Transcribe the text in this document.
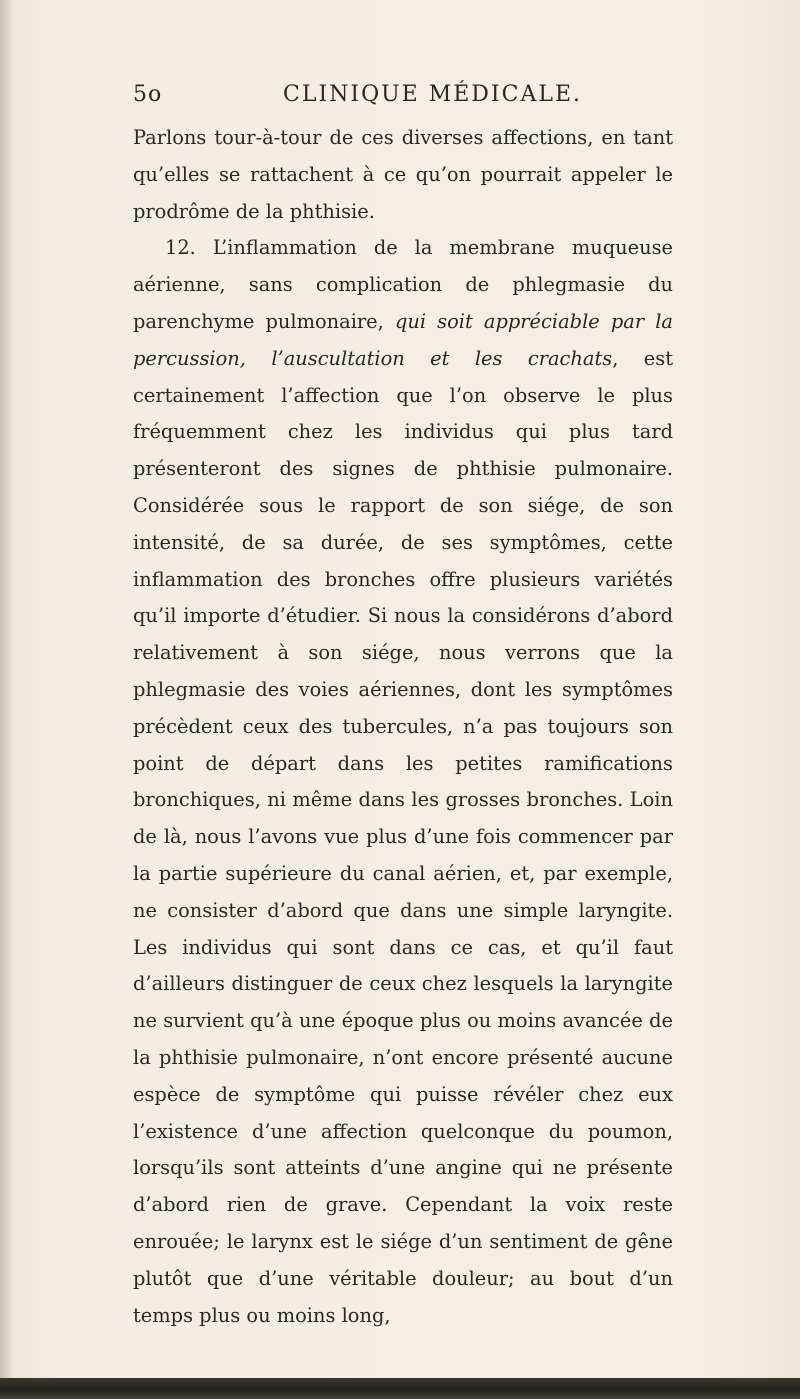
5o	CLINIQUE MÉDICALE.

Parlons tour-à-tour de ces diverses affections, en tant qu’elles se rattachent à ce qu’on pourrait appeler le prodrôme de la phthisie.

12. L’inflammation de la membrane muqueuse aérienne, sans complication de phlegmasie du parenchyme pulmonaire, qui soit appréciable par la percussion, l’auscultation et les crachats, est certainement l’affection que l’on observe le plus fréquemment chez les individus qui plus tard présenteront des signes de phthisie pulmonaire. Considérée sous le rapport de son siége, de son intensité, de sa durée, de ses symptômes, cette inflammation des bronches offre plusieurs variétés qu’il importe d’étudier. Si nous la considérons d’abord relativement à son siége, nous verrons que la phlegmasie des voies aériennes, dont les symptômes précèdent ceux des tubercules, n’a pas toujours son point de départ dans les petites ramifications bronchiques, ni même dans les grosses bronches. Loin de là, nous l’avons vue plus d’une fois commencer par la partie supérieure du canal aérien, et, par exemple, ne consister d’abord que dans une simple laryngite. Les individus qui sont dans ce cas, et qu’il faut d’ailleurs distinguer de ceux chez lesquels la laryngite ne survient qu’à une époque plus ou moins avancée de la phthisie pulmonaire, n’ont encore présenté aucune espèce de symptôme qui puisse révéler chez eux l’existence d’une affection quelconque du poumon, lorsqu’ils sont atteints d’une angine qui ne présente d’abord rien de grave. Cependant la voix reste enrouée; le larynx est le siége d’un sentiment de gêne plutôt que d’une véritable douleur; au bout d’un temps plus ou moins long,
